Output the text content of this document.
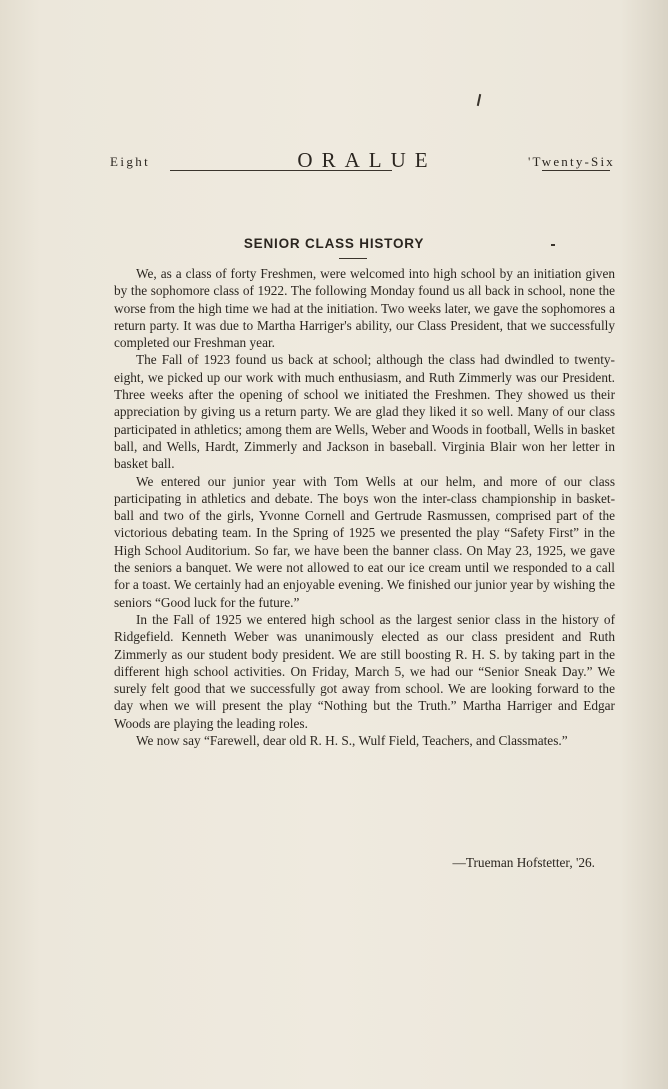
Eight	ORALUE	'Twenty-Six
SENIOR CLASS HISTORY

We, as a class of forty Freshmen, were welcomed into high school by an initiation given by the sophomore class of 1922. The following Monday found us all back in school, none the worse from the high time we had at the initiation. Two weeks later, we gave the sophomores a return party. It was due to Martha Harriger's ability, our Class President, that we successfully completed our Freshman year.

The Fall of 1923 found us back at school; although the class had dwindled to twenty-eight, we picked up our work with much enthusiasm, and Ruth Zimmerly was our President. Three weeks after the opening of school we initiated the Freshmen. They showed us their appreciation by giving us a return party. We are glad they liked it so well. Many of our class participated in athletics; among them are Wells, Weber and Woods in football, Wells in basket ball, and Wells, Hardt, Zimmerly and Jackson in baseball. Virginia Blair won her letter in basket ball.

We entered our junior year with Tom Wells at our helm, and more of our class participating in athletics and debate. The boys won the inter-class championship in basket-ball and two of the girls, Yvonne Cornell and Gertrude Rasmussen, comprised part of the victorious debating team. In the Spring of 1925 we presented the play “Safety First” in the High School Auditorium. So far, we have been the banner class. On May 23, 1925, we gave the seniors a banquet. We were not allowed to eat our ice cream until we responded to a call for a toast. We certainly had an enjoyable evening. We finished our junior year by wishing the seniors “Good luck for the future.”

In the Fall of 1925 we entered high school as the largest senior class in the history of Ridgefield. Kenneth Weber was unanimously elected as our class president and Ruth Zimmerly as our student body president. We are still boosting R. H. S. by taking part in the different high school activities. On Friday, March 5, we had our “Senior Sneak Day.” We surely felt good that we successfully got away from school. We are looking forward to the day when we will present the play “Nothing but the Truth.” Martha Harriger and Edgar Woods are playing the leading roles.

We now say “Farewell, dear old R. H. S., Wulf Field, Teachers, and Classmates.”

—Trueman Hofstetter, '26.
